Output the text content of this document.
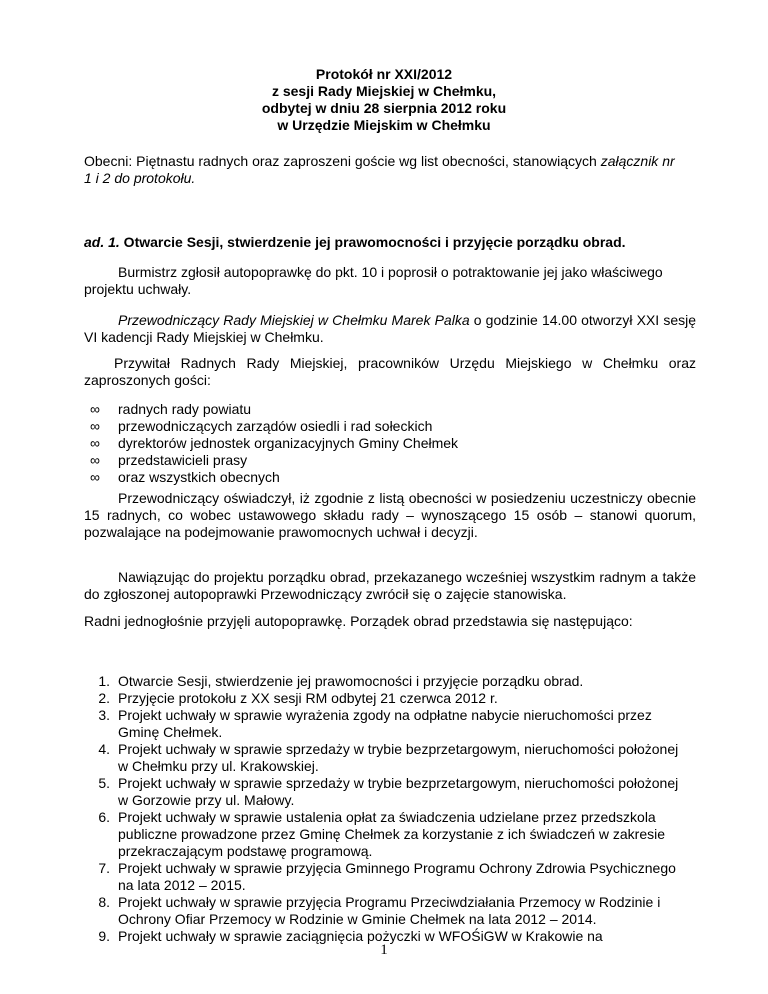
Protokół nr XXI/2012
z sesji Rady Miejskiej w Chełmku,
odbytej w dniu 28 sierpnia 2012 roku
w Urzędzie Miejskim w Chełmku
Obecni: Piętnastu radnych oraz zaproszeni goście wg list obecności, stanowiących załącznik nr 1 i 2 do protokołu.
ad. 1. Otwarcie Sesji, stwierdzenie jej prawomocności i przyjęcie porządku obrad.
Burmistrz zgłosił autopoprawkę do pkt. 10 i poprosił o potraktowanie jej jako właściwego projektu uchwały.
Przewodniczący Rady Miejskiej w Chełmku Marek Palka o godzinie 14.00 otworzył XXI sesję VI kadencji Rady Miejskiej w Chełmku.
Przywitał Radnych Rady Miejskiej, pracowników Urzędu Miejskiego w Chełmku oraz zaproszonych gości:
∞ radnych rady powiatu
∞ przewodniczących zarządów osiedli i rad sołeckich
∞ dyrektorów jednostek organizacyjnych Gminy Chełmek
∞ przedstawicieli prasy
∞ oraz wszystkich obecnych
Przewodniczący oświadczył, iż zgodnie z listą obecności w posiedzeniu uczestniczy obecnie 15 radnych, co wobec ustawowego składu rady – wynoszącego 15 osób – stanowi quorum, pozwalające na podejmowanie prawomocnych uchwał i decyzji.
Nawiązując do projektu porządku obrad, przekazanego wcześniej wszystkim radnym a także do zgłoszonej autopoprawki Przewodniczący zwrócił się o zajęcie stanowiska.
Radni jednogłośnie przyjęli autopoprawkę. Porządek obrad przedstawia się następująco:
1. Otwarcie Sesji, stwierdzenie jej prawomocności i przyjęcie porządku obrad.
2. Przyjęcie protokołu z XX sesji RM odbytej 21 czerwca 2012 r.
3. Projekt uchwały w sprawie wyrażenia zgody na odpłatne nabycie nieruchomości przez Gminę Chełmek.
4. Projekt uchwały w sprawie sprzedaży w trybie bezprzetargowym, nieruchomości położonej w Chełmku przy ul. Krakowskiej.
5. Projekt uchwały w sprawie sprzedaży w trybie bezprzetargowym, nieruchomości położonej w Gorzowie przy ul. Małowy.
6. Projekt uchwały w sprawie ustalenia opłat za świadczenia udzielane przez przedszkola publiczne prowadzone przez Gminę Chełmek za korzystanie z ich świadczeń w zakresie przekraczającym podstawę programową.
7. Projekt uchwały w sprawie przyjęcia Gminnego Programu Ochrony Zdrowia Psychicznego na lata 2012 – 2015.
8. Projekt uchwały w sprawie przyjęcia Programu Przeciwdziałania Przemocy w Rodzinie i Ochrony Ofiar Przemocy w Rodzinie w Gminie Chełmek na lata 2012 – 2014.
9. Projekt uchwały w sprawie zaciągnięcia pożyczki w WFOŚiGW w Krakowie na
1
